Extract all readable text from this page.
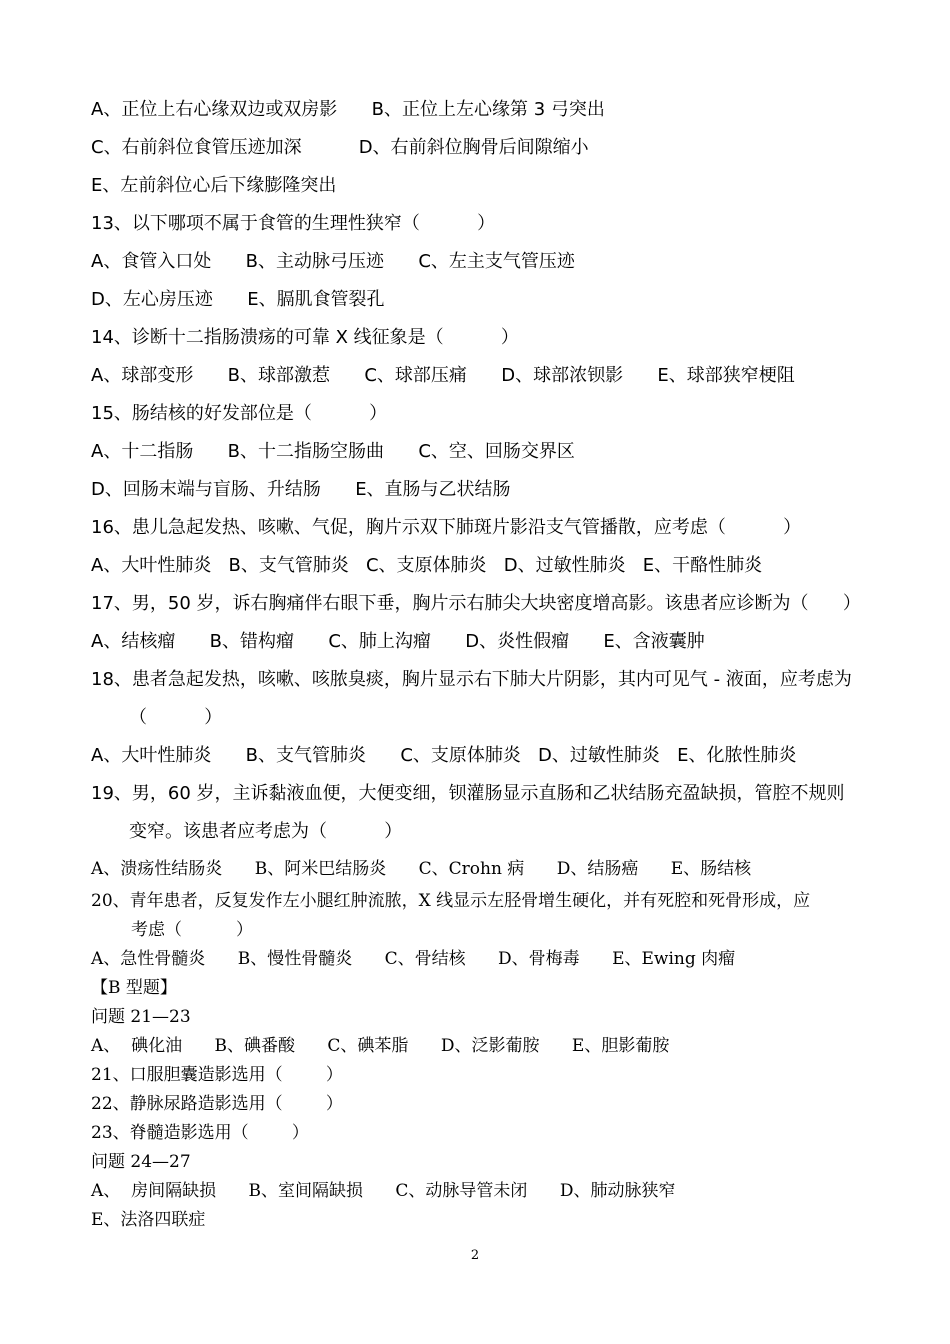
A、正位上右心缘双边或双房影      B、正位上左心缘第 3 弓突出
C、右前斜位食管压迹加深          D、右前斜位胸骨后间隙缩小
E、左前斜位心后下缘膨隆突出
13、以下哪项不属于食管的生理性狭窄（          ）
A、食管入口处      B、主动脉弓压迹      C、左主支气管压迹
D、左心房压迹      E、膈肌食管裂孔
14、诊断十二指肠溃疡的可靠 X 线征象是（          ）
A、球部变形      B、球部激惹      C、球部压痛      D、球部浓钡影      E、球部狭窄梗阻
15、肠结核的好发部位是（          ）
A、十二指肠      B、十二指肠空肠曲      C、空、回肠交界区
D、回肠末端与盲肠、升结肠      E、直肠与乙状结肠
16、患儿急起发热、咳嗽、气促，胸片示双下肺斑片影沿支气管播散，应考虑（          ）
A、大叶性肺炎   B、支气管肺炎   C、支原体肺炎   D、过敏性肺炎   E、干酪性肺炎
17、男，50 岁，诉右胸痛伴右眼下垂，胸片示右肺尖大块密度增高影。该患者应诊断为（      ）
A、结核瘤      B、错构瘤      C、肺上沟瘤      D、炎性假瘤      E、含液囊肿
18、患者急起发热，咳嗽、咳脓臭痰，胸片显示右下肺大片阴影，其内可见气 - 液面，应考虑为
（          ）
A、大叶性肺炎      B、支气管肺炎      C、支原体肺炎   D、过敏性肺炎   E、化脓性肺炎
19、男，60 岁，主诉黏液血便，大便变细，钡灌肠显示直肠和乙状结肠充盈缺损，管腔不规则
变窄。该患者应考虑为（          ）
A、溃疡性结肠炎      B、阿米巴结肠炎      C、Crohn 病      D、结肠癌      E、肠结核
20、青年患者，反复发作左小腿红肿流脓，X 线显示左胫骨增生硬化，并有死腔和死骨形成，应
考虑（          ）
A、急性骨髓炎      B、慢性骨髓炎      C、骨结核      D、骨梅毒      E、Ewing 肉瘤
【B 型题】
问题 21—23
A、  碘化油      B、碘番酸      C、碘苯脂      D、泛影葡胺      E、胆影葡胺
21、口服胆囊造影选用（        ）
22、静脉尿路造影选用（        ）
23、脊髓造影选用（        ）
问题 24—27
A、  房间隔缺损      B、室间隔缺损      C、动脉导管未闭      D、肺动脉狭窄
E、法洛四联症
2
